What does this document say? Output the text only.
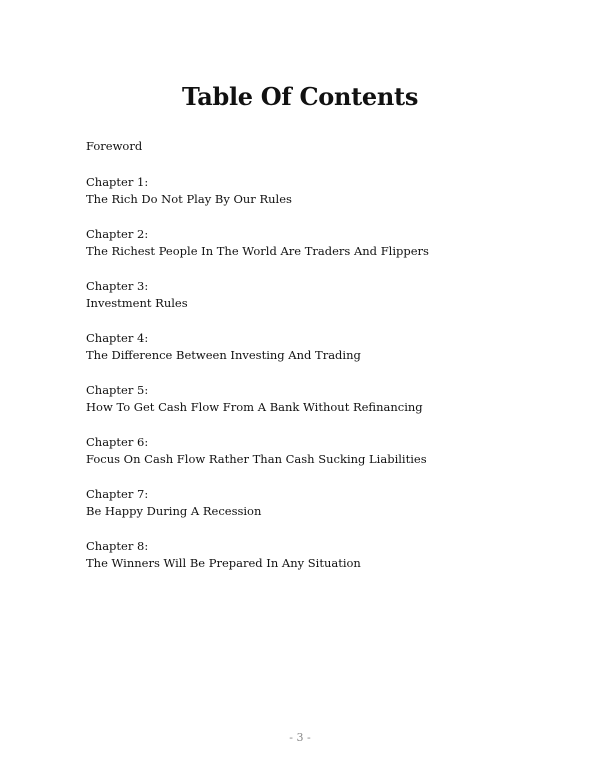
Table Of Contents
Foreword
Chapter 1:
The Rich Do Not Play By Our Rules
Chapter 2:
The Richest People In The World Are Traders And Flippers
Chapter 3:
Investment Rules
Chapter 4:
The Difference Between Investing And Trading
Chapter 5:
How To Get Cash Flow From A Bank Without Refinancing
Chapter 6:
Focus On Cash Flow Rather Than Cash Sucking Liabilities
Chapter 7:
Be Happy During A Recession
Chapter 8:
The Winners Will Be Prepared In Any Situation
- 3 -
